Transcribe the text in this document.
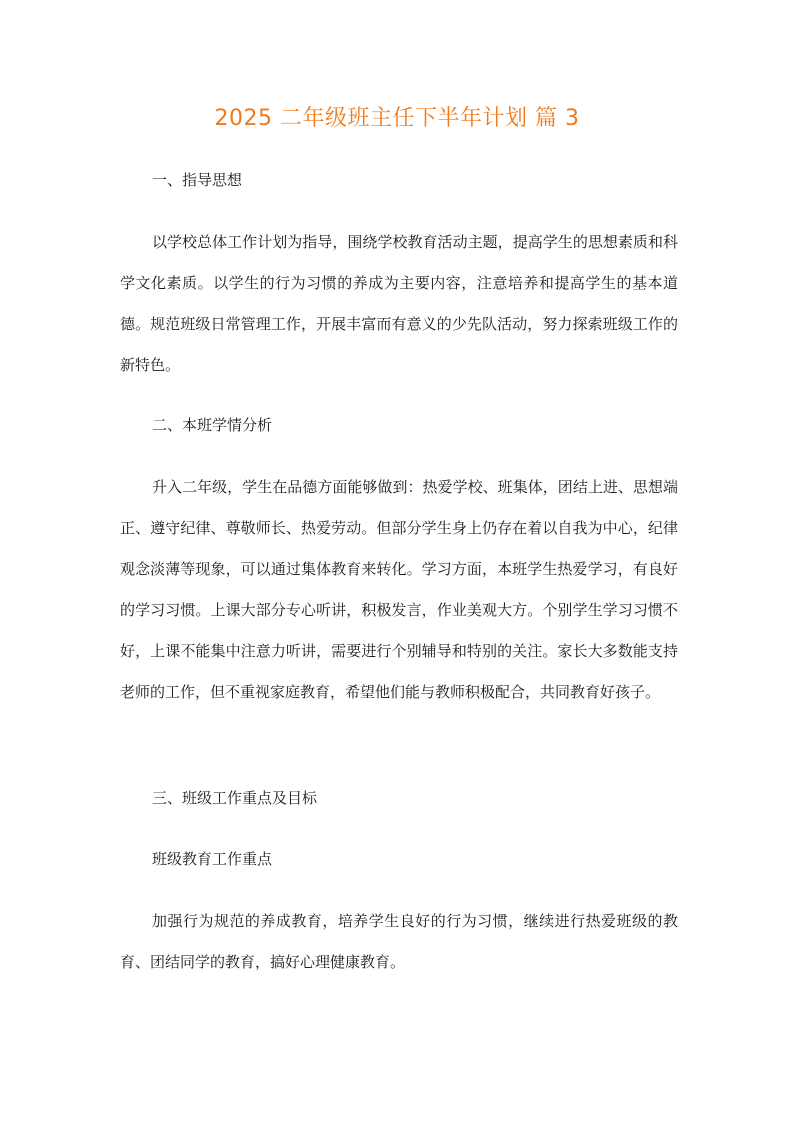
2025 二年级班主任下半年计划 篇 3
一、指导思想

以学校总体工作计划为指导，围绕学校教育活动主题，提高学生的思想素质和科学文化素质。以学生的行为习惯的养成为主要内容，注意培养和提高学生的基本道德。规范班级日常管理工作，开展丰富而有意义的少先队活动，努力探索班级工作的新特色。

二、本班学情分析

升入二年级，学生在品德方面能够做到：热爱学校、班集体，团结上进、思想端正、遵守纪律、尊敬师长、热爱劳动。但部分学生身上仍存在着以自我为中心，纪律观念淡薄等现象，可以通过集体教育来转化。学习方面，本班学生热爱学习，有良好的学习习惯。上课大部分专心听讲，积极发言，作业美观大方。个别学生学习习惯不好，上课不能集中注意力听讲，需要进行个别辅导和特别的关注。家长大多数能支持老师的工作，但不重视家庭教育，希望他们能与教师积极配合，共同教育好孩子。

三、班级工作重点及目标
班级教育工作重点

加强行为规范的养成教育，培养学生良好的行为习惯，继续进行热爱班级的教育、团结同学的教育，搞好心理健康教育。
